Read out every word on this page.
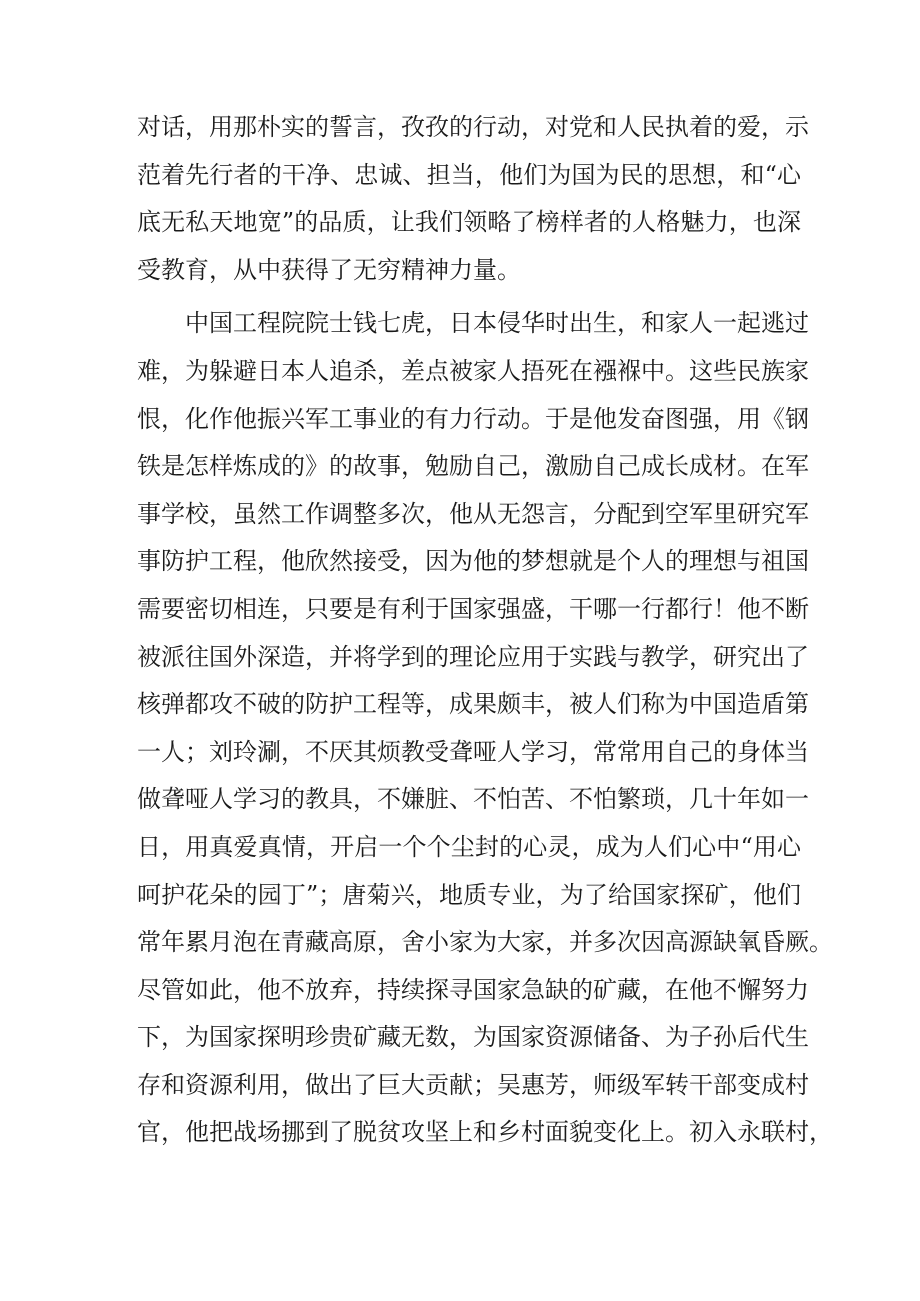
对话，用那朴实的誓言，孜孜的行动，对党和人民执着的爱，示
范着先行者的干净、忠诚、担当，他们为国为民的思想，和“心
底无私天地宽”的品质，让我们领略了榜样者的人格魅力，也深
受教育，从中获得了无穷精神力量。
中国工程院院士钱七虎，日本侵华时出生，和家人一起逃过
难，为躲避日本人追杀，差点被家人捂死在襁褓中。这些民族家
恨，化作他振兴军工事业的有力行动。于是他发奋图强，用《钢
铁是怎样炼成的》的故事，勉励自己，激励自己成长成材。在军
事学校，虽然工作调整多次，他从无怨言，分配到空军里研究军
事防护工程，他欣然接受，因为他的梦想就是个人的理想与祖国
需要密切相连，只要是有利于国家强盛，干哪一行都行！他不断
被派往国外深造，并将学到的理论应用于实践与教学，研究出了
核弹都攻不破的防护工程等，成果颇丰，被人们称为中国造盾第
一人；刘玲涮，不厌其烦教受聋哑人学习，常常用自己的身体当
做聋哑人学习的教具，不嫌脏、不怕苦、不怕繁琐，几十年如一
日，用真爱真情，开启一个个尘封的心灵，成为人们心中“用心
呵护花朵的园丁”；唐菊兴，地质专业，为了给国家探矿，他们
常年累月泡在青藏高原，舍小家为大家，并多次因高源缺氧昏厥。
尽管如此，他不放弃，持续探寻国家急缺的矿藏，在他不懈努力
下，为国家探明珍贵矿藏无数，为国家资源储备、为子孙后代生
存和资源利用，做出了巨大贡献；吴惠芳，师级军转干部变成村
官，他把战场挪到了脱贫攻坚上和乡村面貌变化上。初入永联村，
